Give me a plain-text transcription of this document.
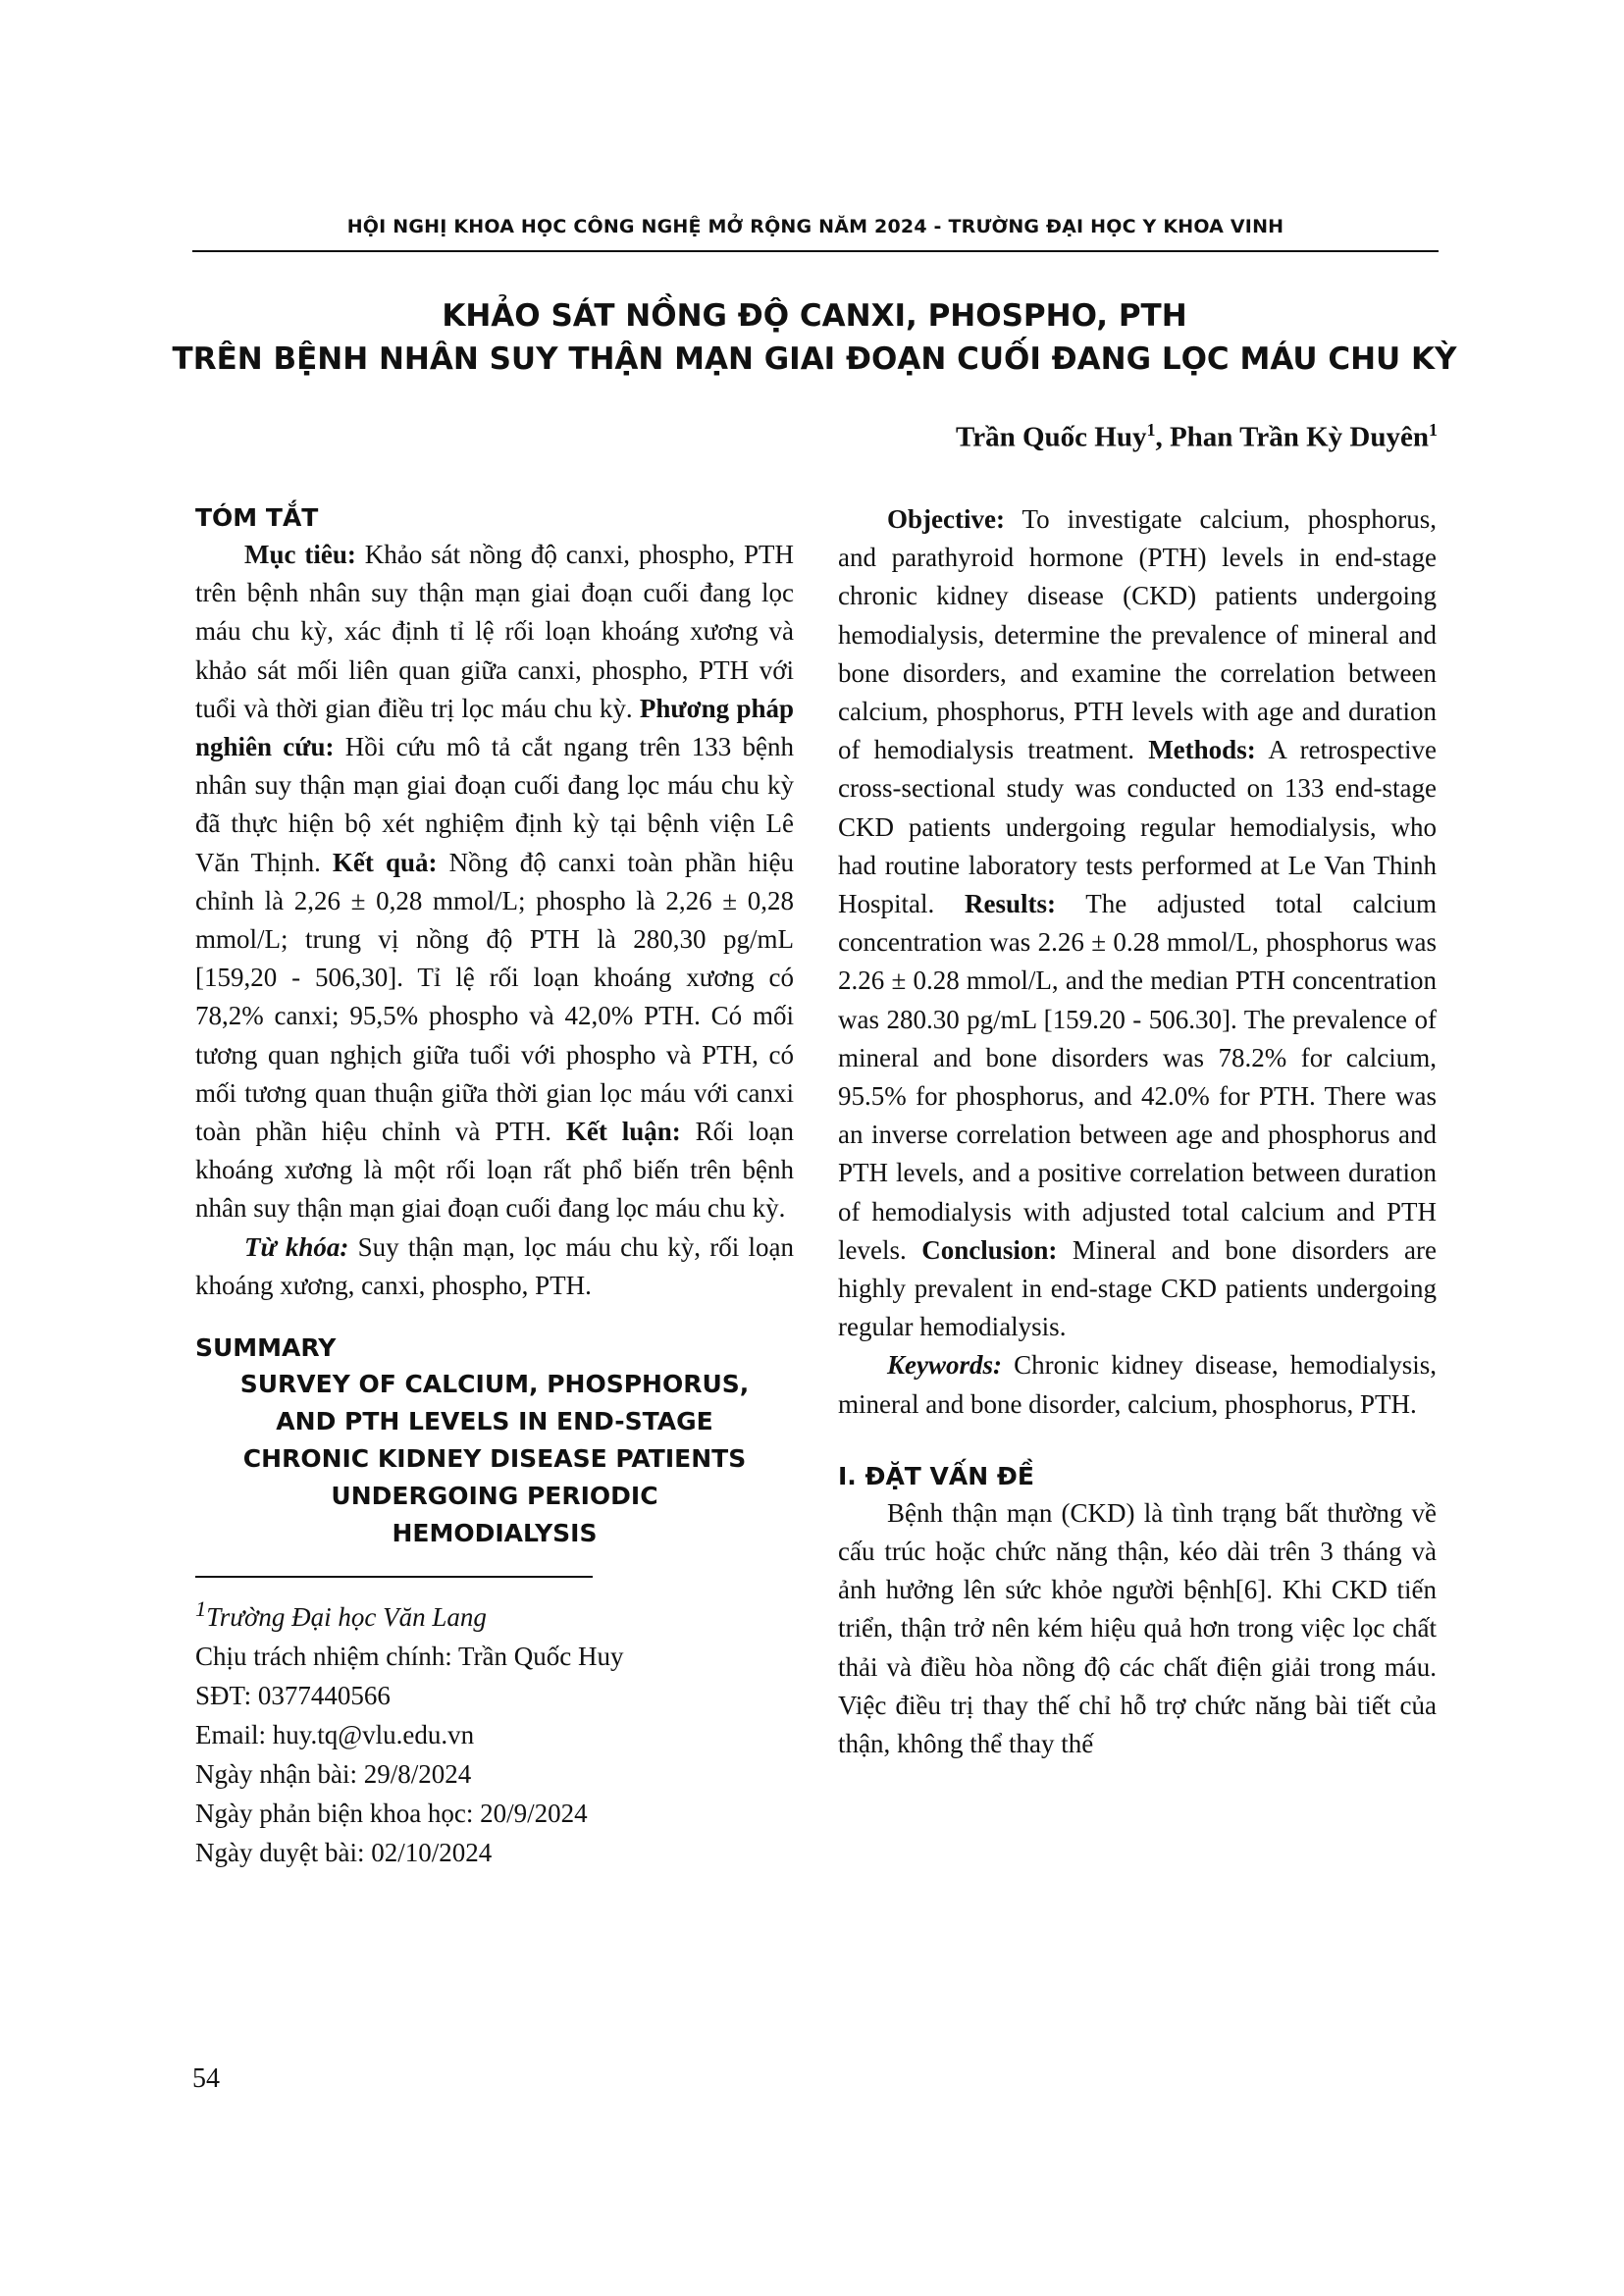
HỘI NGHỊ KHOA HỌC CÔNG NGHỆ MỞ RỘNG NĂM 2024 - TRƯỜNG ĐẠI HỌC Y KHOA VINH
KHẢO SÁT NỒNG ĐỘ CANXI, PHOSPHO, PTH
TRÊN BỆNH NHÂN SUY THẬN MẠN GIAI ĐOẠN CUỐI ĐANG LỌC MÁU CHU KỲ
Trần Quốc Huy$^1$, Phan Trần Kỳ Duyên$^1$

TÓM TẮT

Mục tiêu: Khảo sát nồng độ canxi, phospho, PTH trên bệnh nhân suy thận mạn giai đoạn cuối đang lọc máu chu kỳ, xác định tỉ lệ rối loạn khoáng xương và khảo sát mối liên quan giữa canxi, phospho, PTH với tuổi và thời gian điều trị lọc máu chu kỳ. Phương pháp nghiên cứu: Hồi cứu mô tả cắt ngang trên 133 bệnh nhân suy thận mạn giai đoạn cuối đang lọc máu chu kỳ đã thực hiện bộ xét nghiệm định kỳ tại bệnh viện Lê Văn Thịnh. Kết quả: Nồng độ canxi toàn phần hiệu chỉnh là 2,26 ± 0,28 mmol/L; phospho là 2,26 ± 0,28 mmol/L; trung vị nồng độ PTH là 280,30 pg/mL [159,20 - 506,30]. Tỉ lệ rối loạn khoáng xương có 78,2% canxi; 95,5% phospho và 42,0% PTH. Có mối tương quan nghịch giữa tuổi với phospho và PTH, có mối tương quan thuận giữa thời gian lọc máu với canxi toàn phần hiệu chỉnh và PTH. Kết luận: Rối loạn khoáng xương là một rối loạn rất phổ biến trên bệnh nhân suy thận mạn giai đoạn cuối đang lọc máu chu kỳ.

Từ khóa: Suy thận mạn, lọc máu chu kỳ, rối loạn khoáng xương, canxi, phospho, PTH.

SUMMARY

SURVEY OF CALCIUM, PHOSPHORUS,

AND PTH LEVELS IN END-STAGE

CHRONIC KIDNEY DISEASE PATIENTS

UNDERGOING PERIODIC

HEMODIALYSIS

$^1$Trường Đại học Văn Lang

Chịu trách nhiệm chính: Trần Quốc Huy

SĐT: 0377440566

Email: huy.tq@vlu.edu.vn

Ngày nhận bài: 29/8/2024

Ngày phản biện khoa học: 20/9/2024

Ngày duyệt bài: 02/10/2024

Objective: To investigate calcium, phosphorus, and parathyroid hormone (PTH) levels in end-stage chronic kidney disease (CKD) patients undergoing hemodialysis, determine the prevalence of mineral and bone disorders, and examine the correlation between calcium, phosphorus, PTH levels with age and duration of hemodialysis treatment. Methods: A retrospective cross-sectional study was conducted on 133 end-stage CKD patients undergoing regular hemodialysis, who had routine laboratory tests performed at Le Van Thinh Hospital. Results: The adjusted total calcium concentration was 2.26 ± 0.28 mmol/L, phosphorus was 2.26 ± 0.28 mmol/L, and the median PTH concentration was 280.30 pg/mL [159.20 - 506.30]. The prevalence of mineral and bone disorders was 78.2% for calcium, 95.5% for phosphorus, and 42.0% for PTH. There was an inverse correlation between age and phosphorus and PTH levels, and a positive correlation between duration of hemodialysis with adjusted total calcium and PTH levels. Conclusion: Mineral and bone disorders are highly prevalent in end-stage CKD patients undergoing regular hemodialysis.

Keywords: Chronic kidney disease, hemodialysis, mineral and bone disorder, calcium, phosphorus, PTH.

I. ĐẶT VẤN ĐỀ

Bệnh thận mạn (CKD) là tình trạng bất thường về cấu trúc hoặc chức năng thận, kéo dài trên 3 tháng và ảnh hưởng lên sức khỏe người bệnh[6]. Khi CKD tiến triển, thận trở nên kém hiệu quả hơn trong việc lọc chất thải và điều hòa nồng độ các chất điện giải trong máu. Việc điều trị thay thế chỉ hỗ trợ chức năng bài tiết của thận, không thể thay thế

54
